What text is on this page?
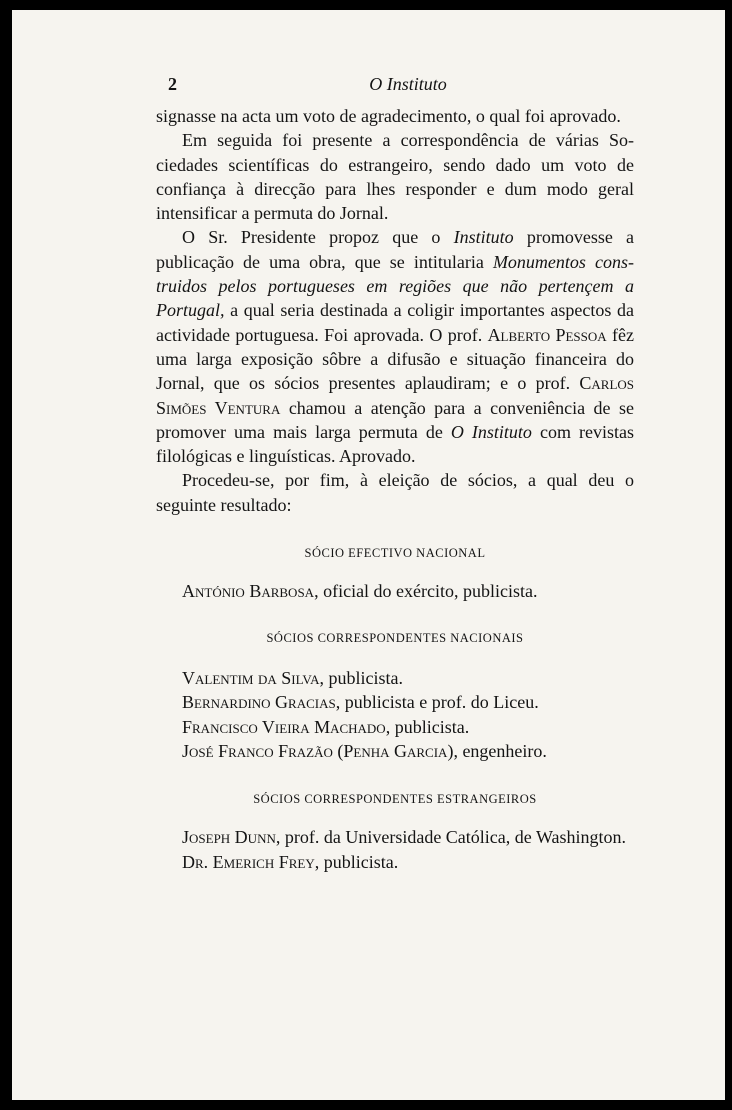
2	O Instituto

signasse na acta um voto de agradecimento, o qual foi aprovado.

Em seguida foi presente a correspondência de várias Sociedades scientíficas do estrangeiro, sendo dado um voto de confiança à direcção para lhes responder e dum modo geral intensificar a permuta do Jornal.

O Sr. Presidente propoz que o Instituto promovesse a publicação de uma obra, que se intitularia Monumentos construidos pelos portugueses em regiões que não pertençem a Portugal, a qual seria destinada a coligir importantes aspectos da actividade portuguesa. Foi aprovada. O prof. Alberto Pessoa fêz uma larga exposição sôbre a difusão e situação financeira do Jornal, que os sócios presentes aplaudiram; e o prof. Carlos Simões Ventura chamou a atenção para a conveniência de se promover uma mais larga permuta de O Instituto com revistas filológicas e linguísticas. Aprovado.

Procedeu-se, por fim, à eleição de sócios, a qual deu o seguinte resultado:

SÓCIO EFECTIVO NACIONAL

António Barbosa, oficial do exército, publicista.

SÓCIOS CORRESPONDENTES NACIONAIS

Valentim da Silva, publicista.

Bernardino Gracias, publicista e prof. do Liceu.

Francisco Vieira Machado, publicista.

José Franco Frazão (Penha Garcia), engenheiro.

SÓCIOS CORRESPONDENTES ESTRANGEIROS

Joseph Dunn, prof. da Universidade Católica, de Washington.

Dr. Emerich Frey, publicista.
